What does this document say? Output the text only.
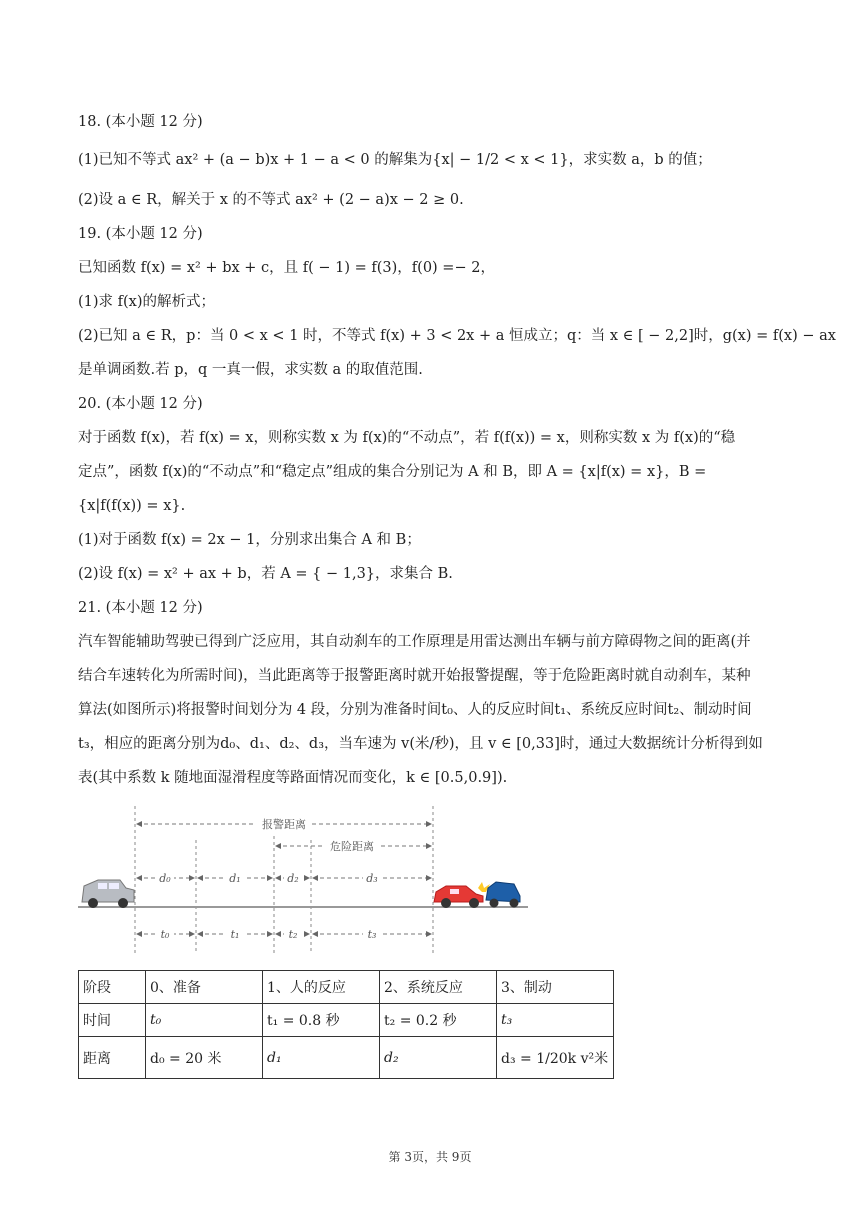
18. (本小题 12 分)
(1)已知不等式 ax² + (a − b)x + 1 − a < 0 的解集为{x| − 1/2 < x < 1}，求实数 a，b 的值；
(2)设 a ∈ R，解关于 x 的不等式 ax² + (2 − a)x − 2 ≥ 0.
19. (本小题 12 分)
已知函数 f(x) = x² + bx + c，且 f( − 1) = f(3)，f(0) =− 2，
(1)求 f(x)的解析式；
(2)已知 a ∈ R，p：当 0 < x < 1 时，不等式 f(x) + 3 < 2x + a 恒成立；q：当 x ∈ [ − 2,2]时，g(x) = f(x) − ax
是单调函数.若 p，q 一真一假，求实数 a 的取值范围.
20. (本小题 12 分)
对于函数 f(x)，若 f(x) = x，则称实数 x 为 f(x)的“不动点”，若 f(f(x)) = x，则称实数 x 为 f(x)的“稳
定点”，函数 f(x)的“不动点”和“稳定点”组成的集合分别记为 A 和 B，即 A = {x|f(x) = x}，B =
{x|f(f(x)) = x}.
(1)对于函数 f(x) = 2x − 1，分别求出集合 A 和 B；
(2)设 f(x) = x² + ax + b，若 A = { − 1,3}，求集合 B.
21. (本小题 12 分)
汽车智能辅助驾驶已得到广泛应用，其自动刹车的工作原理是用雷达测出车辆与前方障碍物之间的距离(并
结合车速转化为所需时间)，当此距离等于报警距离时就开始报警提醒，等于危险距离时就自动刹车，某种
算法(如图所示)将报警时间划分为 4 段，分别为准备时间t₀、人的反应时间t₁、系统反应时间t₂、制动时间
t₃，相应的距离分别为d₀、d₁、d₂、d₃，当车速为 v(米/秒)，且 v ∈ [0,33]时，通过大数据统计分析得到如
表(其中系数 k 随地面湿滑程度等路面情况而变化，k ∈ [0.5,0.9]).
报警距离
危险距离
d₀	d₁	d₂	d₃
t₀	t₁	t₂	t₃
阶段	0、准备	1、人的反应	2、系统反应	3、制动
时间	t₀	t₁ = 0.8 秒	t₂ = 0.2 秒	t₃
距离	d₀ = 20 米	d₁	d₂	d₃ = 1/20k v²米
第 3页，共 9页
